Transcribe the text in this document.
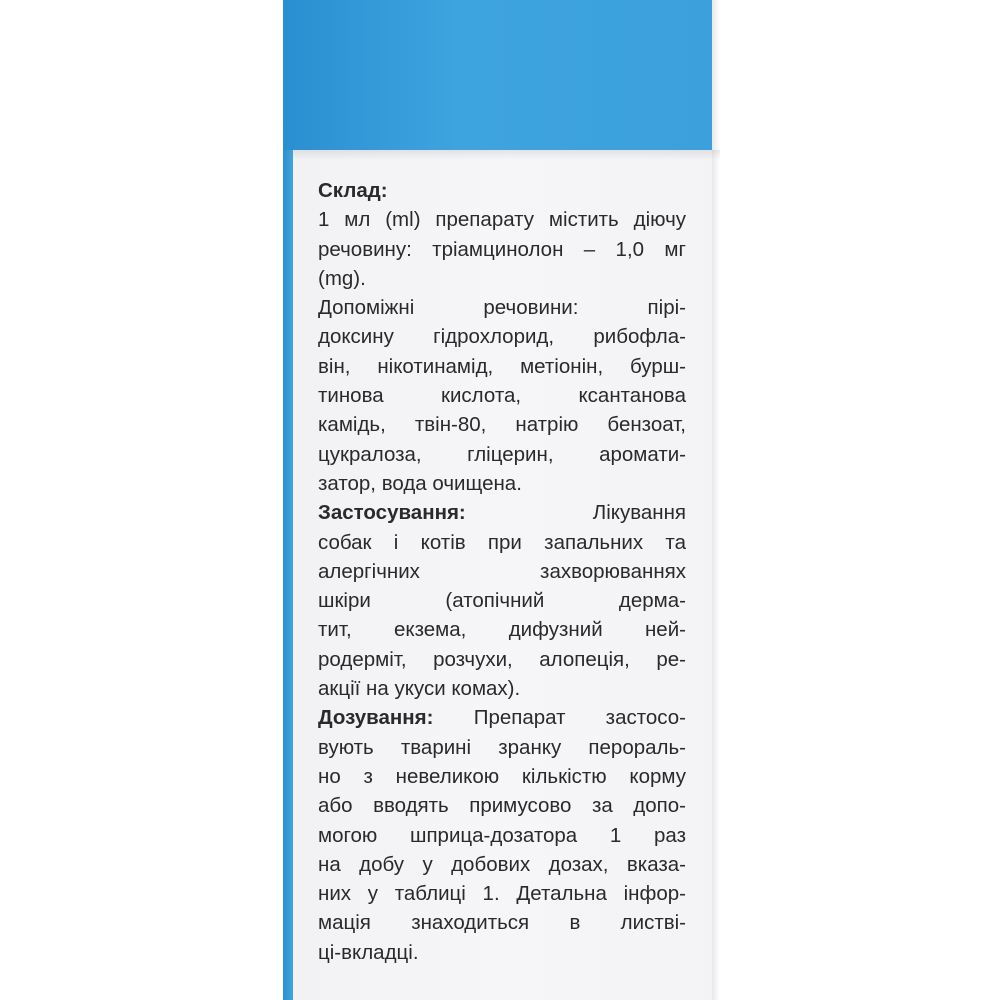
Склад:
1 мл (ml) препарату містить діючу
речовину: тріамцинолон – 1,0 мг
(mg).
Допоміжні речовини: пірі-
доксину гідрохлорид, рибофла-
він, нікотинамід, метіонін, бурш-
тинова кислота, ксантанова
камідь, твін-80, натрію бензоат,
цукралоза, гліцерин, аромати-
затор, вода очищена.
Застосування:	Лікування
собак і котів при запальних та
алергічних захворюваннях
шкіри (атопічний дерма-
тит, екзема, дифузний ней-
родерміт, розчухи, алопеція, ре-
акції на укуси комах).
Дозування: Препарат застосо-
вують тварині зранку перораль-
но з невеликою кількістю корму
або вводять примусово за допо-
могою шприца-дозатора 1 раз
на добу у добових дозах, вказа-
них у таблиці 1. Детальна інфор-
мація знаходиться в листві-
ці-вкладці.
